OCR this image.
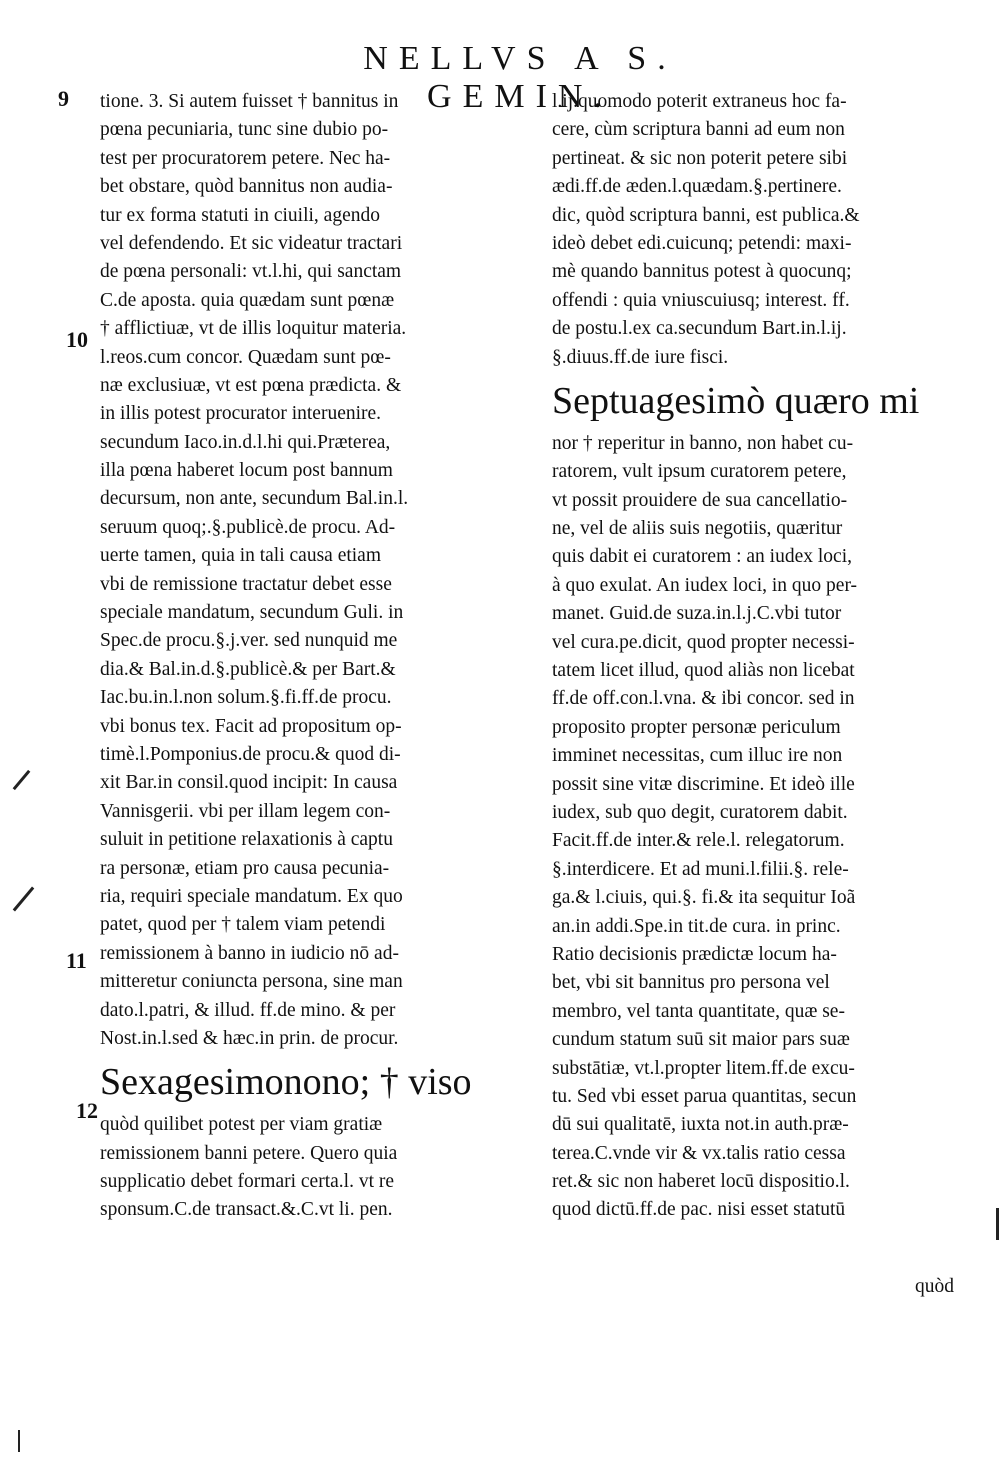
NELLVS A S. GEMIN.
9
10
11
12
tione. 3. Si autem fuisset † bannitus in
pœna pecuniaria, tunc sine dubio po-
test per procuratorem petere. Nec ha-
bet obstare, quòd bannitus non audia-
tur ex forma statuti in ciuili, agendo
vel defendendo. Et sic videatur tractari
de pœna personali: vt.l.hi, qui sanctam
C.de aposta. quia quædam sunt pœnæ
† afflictiuæ, vt de illis loquitur materia.
l.reos.cum concor. Quædam sunt pœ-
næ exclusiuæ, vt est pœna prædicta. &
in illis potest procurator interuenire.
secundum Iaco.in.d.l.hi qui.Præterea,
illa pœna haberet locum post bannum
decursum, non ante, secundum Bal.in.l.
seruum quoq;.§.publicè.de procu. Ad-
uerte tamen, quia in tali causa etiam
vbi de remissione tractatur debet esse
speciale mandatum, secundum Guli. in
Spec.de procu.§.j.ver. sed nunquid me
dia.& Bal.in.d.§.publicè.& per Bart.&
Iac.bu.in.l.non solum.§.fi.ff.de procu.
vbi bonus tex. Facit ad propositum op-
timè.l.Pomponius.de procu.& quod di-
xit Bar.in consil.quod incipit: In causa
Vannisgerii. vbi per illam legem con-
suluit in petitione relaxationis à captu
ra personæ, etiam pro causa pecunia-
ria, requiri speciale mandatum. Ex quo
patet, quod per † talem viam petendi
remissionem à banno in iudicio nō ad-
mitteretur coniuncta persona, sine man
dato.l.patri, & illud. ff.de mino. & per
Nost.in.l.sed & hæc.in prin. de procur.
Sexagesimonono; † viso
quòd quilibet potest per viam gratiæ
remissionem banni petere. Quero quia
supplicatio debet formari certa.l. vt re
sponsum.C.de transact.&.C.vt li. pen.
l.ij.quomodo poterit extraneus hoc fa-
cere, cùm scriptura banni ad eum non
pertineat. & sic non poterit petere sibi
ædi.ff.de æden.l.quædam.§.pertinere.
dic, quòd scriptura banni, est publica.&
ideò debet edi.cuicunq; petendi: maxi-
mè quando bannitus potest à quocunq;
offendi : quia vniuscuiusq; interest. ff.
de postu.l.ex ca.secundum Bart.in.l.ij.
§.diuus.ff.de iure fisci.
Septuagesimò quæro mi
nor † reperitur in banno, non habet cu-
ratorem, vult ipsum curatorem petere,
vt possit prouidere de sua cancellatio-
ne, vel de aliis suis negotiis, quæritur
quis dabit ei curatorem : an iudex loci,
à quo exulat. An iudex loci, in quo per-
manet. Guid.de suza.in.l.j.C.vbi tutor
vel cura.pe.dicit, quod propter necessi-
tatem licet illud, quod aliàs non licebat
ff.de off.con.l.vna. & ibi concor. sed in
proposito propter personæ periculum
imminet necessitas, cum illuc ire non
possit sine vitæ discrimine. Et ideò ille
iudex, sub quo degit, curatorem dabit.
Facit.ff.de inter.& rele.l. relegatorum.
§.interdicere. Et ad muni.l.filii.§. rele-
ga.& l.ciuis, qui.§. fi.& ita sequitur Ioã
an.in addi.Spe.in tit.de cura. in princ.
Ratio decisionis prædictæ locum ha-
bet, vbi sit bannitus pro persona vel
membro, vel tanta quantitate, quæ se-
cundum statum suū sit maior pars suæ
substātiæ, vt.l.propter litem.ff.de excu-
tu. Sed vbi esset parua quantitas, secun
dū sui qualitatē, iuxta not.in auth.præ-
terea.C.vnde vir & vx.talis ratio cessa
ret.& sic non haberet locū dispositio.l.
quod dictū.ff.de pac. nisi esset statutū
quòd
